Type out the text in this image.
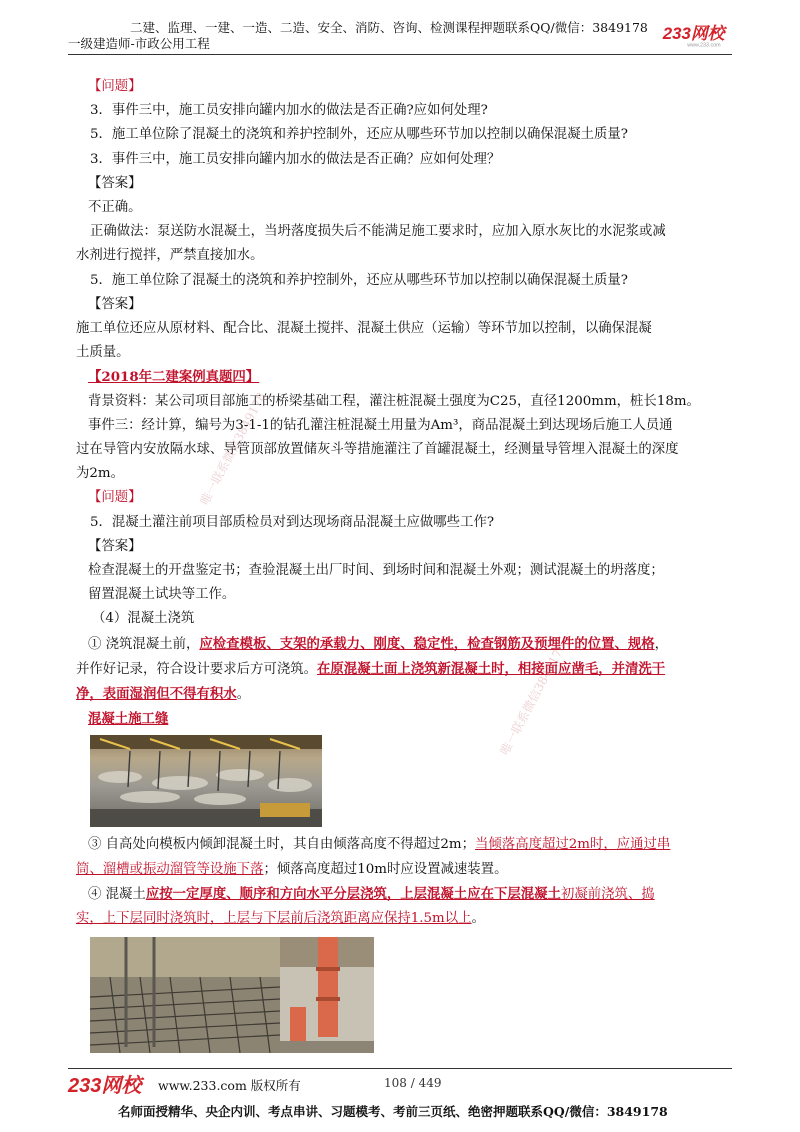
二建、监理、一建、一造、二造、安全、消防、咨询、检测课程押题联系QQ/微信：3849178
一级建造师-市政公用工程
233网校
www.233.com
【问题】
3．事件三中，施工员安排向罐内加水的做法是否正确?应如何处理?
5．施工单位除了混凝土的浇筑和养护控制外，还应从哪些环节加以控制以确保混凝土质量?
3．事件三中，施工员安排向罐内加水的做法是否正确？应如何处理？
【答案】
不正确。
正确做法：泵送防水混凝土，当坍落度损失后不能满足施工要求时，应加入原水灰比的水泥浆或减
水剂进行搅拌，严禁直接加水。
5．施工单位除了混凝土的浇筑和养护控制外，还应从哪些环节加以控制以确保混凝土质量?
【答案】
施工单位还应从原材料、配合比、混凝土搅拌、混凝土供应（运输）等环节加以控制，以确保混凝
土质量。
【2018年二建案例真题四】
背景资料：某公司项目部施工的桥梁基础工程，灌注桩混凝土强度为C25，直径1200mm，桩长18m。
事件三：经计算，编号为3-1-1的钻孔灌注桩混凝土用量为Am³，商品混凝土到达现场后施工人员通
过在导管内安放隔水球、导管顶部放置储灰斗等措施灌注了首罐混凝土，经测量导管埋入混凝土的深度
为2m。
【问题】
5．混凝土灌注前项目部质检员对到达现场商品混凝土应做哪些工作?
【答案】
检查混凝土的开盘鉴定书；查验混凝土出厂时间、到场时间和混凝土外观；测试混凝土的坍落度；
留置混凝土试块等工作。
（4）混凝土浇筑
① 浇筑混凝土前，应检查模板、支架的承载力、刚度、稳定性，检查钢筋及预埋件的位置、规格，
并作好记录，符合设计要求后方可浇筑。在原混凝土面上浇筑新混凝土时，相接面应凿毛，并清洗干
净，表面湿润但不得有积水。
混凝土施工缝
③ 自高处向模板内倾卸混凝土时，其自由倾落高度不得超过2m；当倾落高度超过2m时，应通过串
筒、溜槽或振动溜管等设施下落；倾落高度超过10m时应设置减速装置。
④ 混凝土应按一定厚度、顺序和方向水平分层浇筑，上层混凝土应在下层混凝土初凝前浇筑、捣
实，上下层同时浇筑时，上层与下层前后浇筑距离应保持1.5m以上。
唯一联系微信3849178
唯一联系微信3849178
233网校	www.233.com 版权所有	108 / 449
名师面授精华、央企内训、考点串讲、习题模考、考前三页纸、绝密押题联系QQ/微信：3849178
